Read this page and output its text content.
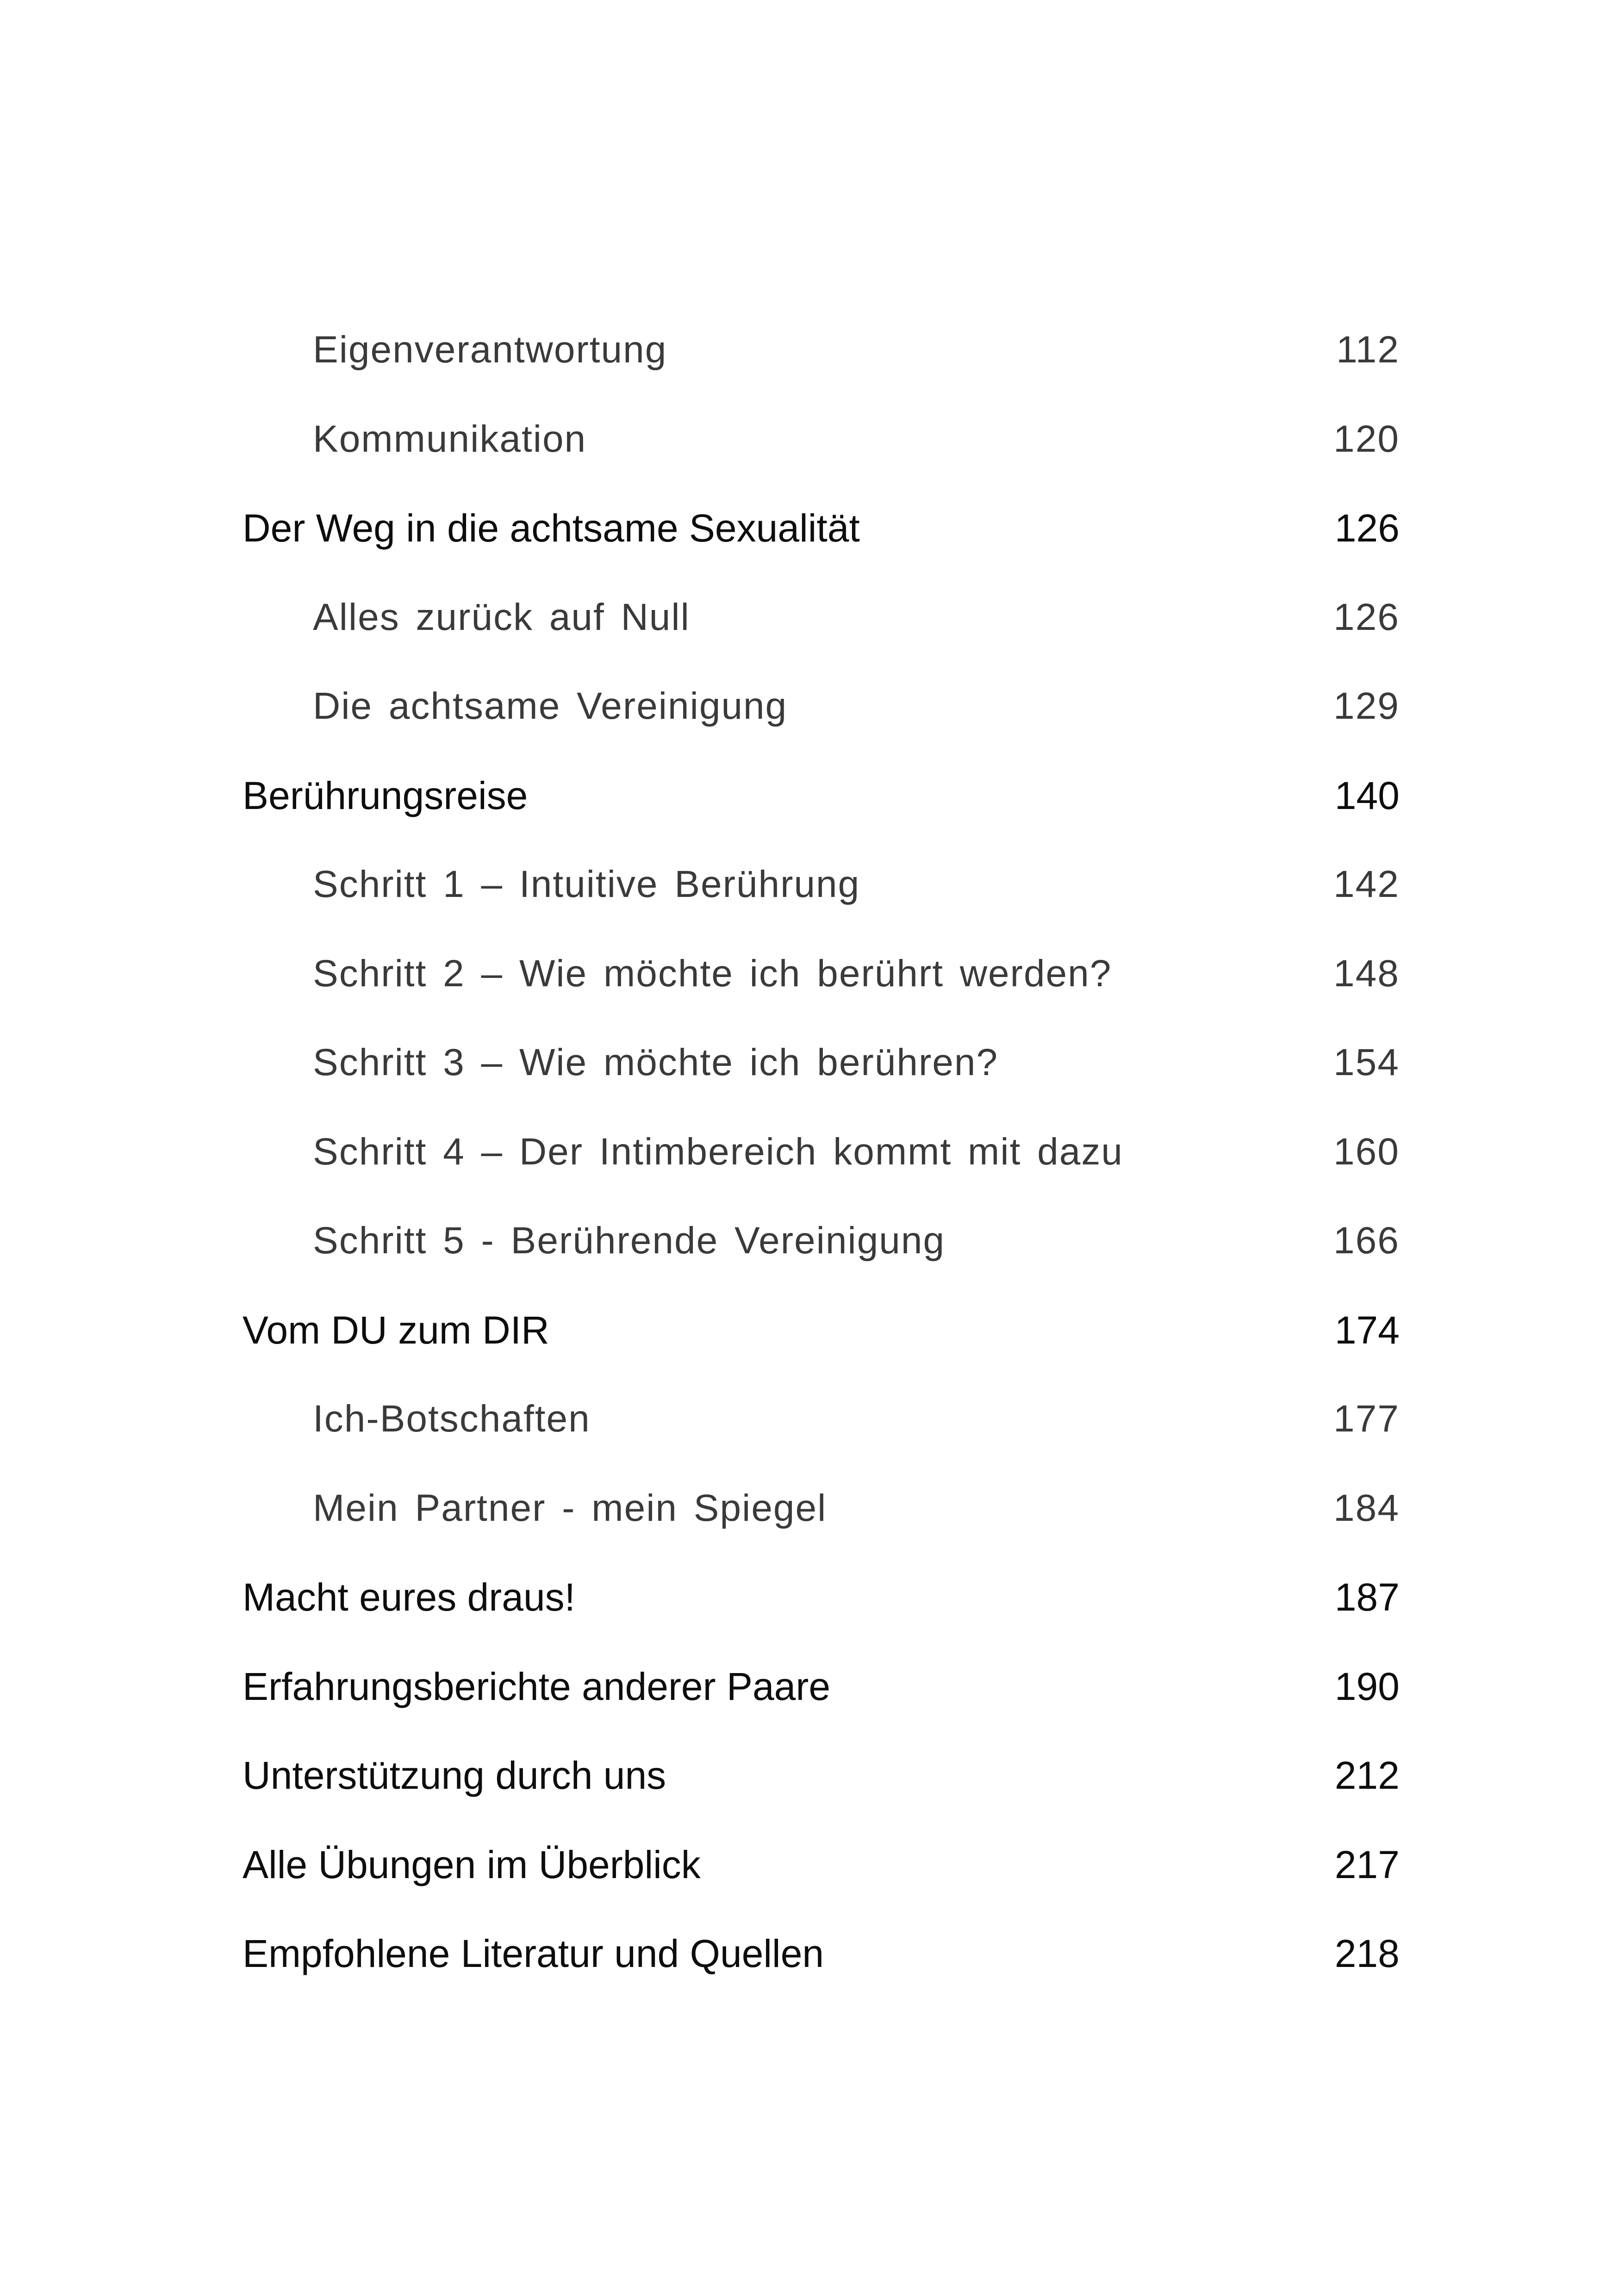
Eigenverantwortung	112
Kommunikation	120
Der Weg in die achtsame Sexualität	126
Alles zurück auf Null	126
Die achtsame Vereinigung	129
Berührungsreise	140
Schritt 1 – Intuitive Berührung	142
Schritt 2 – Wie möchte ich berührt werden?	148
Schritt 3 – Wie möchte ich berühren?	154
Schritt 4 – Der Intimbereich kommt mit dazu	160
Schritt 5 - Berührende Vereinigung	166
Vom DU zum DIR	174
Ich-Botschaften	177
Mein Partner - mein Spiegel	184
Macht eures draus!	187
Erfahrungsberichte anderer Paare	190
Unterstützung durch uns	212
Alle Übungen im Überblick	217
Empfohlene Literatur und Quellen	218
